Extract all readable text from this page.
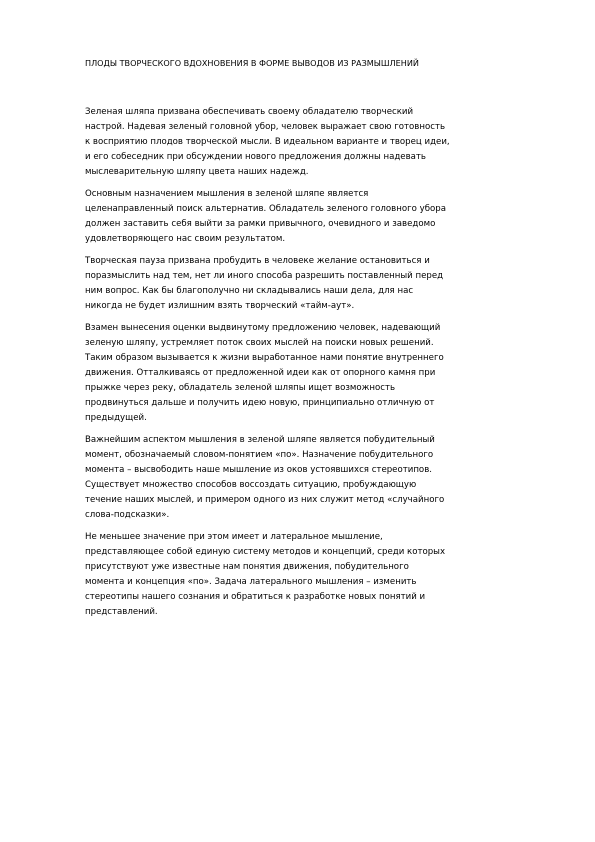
ПЛОДЫ ТВОРЧЕСКОГО ВДОХНОВЕНИЯ В ФОРМЕ ВЫВОДОВ ИЗ РАЗМЫШЛЕНИЙ
Зеленая шляпа призвана обеспечивать своему обладателю творческий
настрой. Надевая зеленый головной убор, человек выражает свою готовность
к восприятию плодов творческой мысли. В идеальном варианте и творец идеи,
и его собеседник при обсуждении нового предложения должны надевать
мыслеварительную шляпу цвета наших надежд.
Основным назначением мышления в зеленой шляпе является
целенаправленный поиск альтернатив. Обладатель зеленого головного убора
должен заставить себя выйти за рамки привычного, очевидного и заведомо
удовлетворяющего нас своим результатом.
Творческая пауза призвана пробудить в человеке желание остановиться и
поразмыслить над тем, нет ли иного способа разрешить поставленный перед
ним вопрос. Как бы благополучно ни складывались наши дела, для нас
никогда не будет излишним взять творческий «тайм-аут».
Взамен вынесения оценки выдвинутому предложению человек, надевающий
зеленую шляпу, устремляет поток своих мыслей на поиски новых решений.
Таким образом вызывается к жизни выработанное нами понятие внутреннего
движения. Отталкиваясь от предложенной идеи как от опорного камня при
прыжке через реку, обладатель зеленой шляпы ищет возможность
продвинуться дальше и получить идею новую, принципиально отличную от
предыдущей.
Важнейшим аспектом мышления в зеленой шляпе является побудительный
момент, обозначаемый словом-понятием «по». Назначение побудительного
момента – высвободить наше мышление из оков устоявшихся стереотипов.
Существует множество способов воссоздать ситуацию, пробуждающую
течение наших мыслей, и примером одного из них служит метод «случайного
слова-подсказки».
Не меньшее значение при этом имеет и латеральное мышление,
представляющее собой единую систему методов и концепций, среди которых
присутствуют уже известные нам понятия движения, побудительного
момента и концепция «по». Задача латерального мышления – изменить
стереотипы нашего сознания и обратиться к разработке новых понятий и
представлений.
